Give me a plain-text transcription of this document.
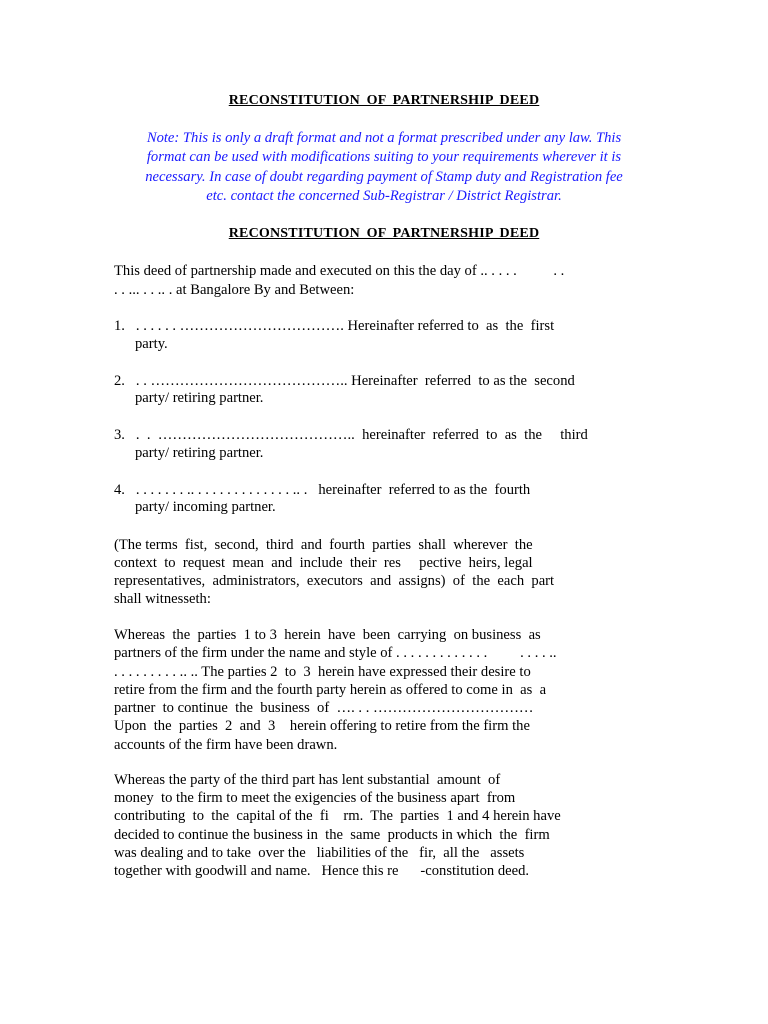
RECONSTITUTION OF PARTNERSHIP DEED
Note: This is only a draft format and not a format prescribed under any law. This
format can be used with modifications suiting to your requirements wherever it is
necessary. In case of doubt regarding payment of Stamp duty and Registration fee
etc. contact the concerned Sub-Registrar / District Registrar.
RECONSTITUTION OF PARTNERSHIP DEED
This deed of partnership made and executed on this the day of .. . . . .          . .
. . ... . . .. . at Bangalore By and Between:
1.   . . . . . . ……………………………. Hereinafter referred to  as  the  first
party.
2.   . . ………………………………….. Hereinafter  referred  to as the  second
party/ retiring partner.
3.   .  .  …………………………………..  hereinafter  referred  to  as  the     third
party/ retiring partner.
4.   . . . . . . . .. . . . . . . . . . . . . . .. .   hereinafter  referred to as the  fourth
party/ incoming partner.
(The terms  fist,  second,  third  and  fourth  parties  shall  wherever  the
context  to  request  mean  and  include  their  res     pective  heirs, legal
representatives,  administrators,  executors  and  assigns)  of  the  each  part
shall witnesseth:
Whereas  the  parties  1 to 3  herein  have  been  carrying  on business  as
partners of the firm under the name and style of . . . . . . . . . . . . .         . . . . ..
. . . . . . . . . .. .. The parties 2  to  3  herein have expressed their desire to
retire from the firm and the fourth party herein as offered to come in  as  a
partner  to continue  the  business  of  …. . . ……………………………
Upon  the  parties  2  and  3    herein offering to retire from the firm the
accounts of the firm have been drawn.
Whereas the party of the third part has lent substantial  amount  of
money  to the firm to meet the exigencies of the business apart  from
contributing  to  the  capital of the  fi    rm.  The  parties  1 and 4 herein have
decided to continue the business in  the  same  products in which  the  firm
was dealing and to take  over the   liabilities of the   fir,  all the   assets
together with goodwill and name.   Hence this re      -constitution deed.
